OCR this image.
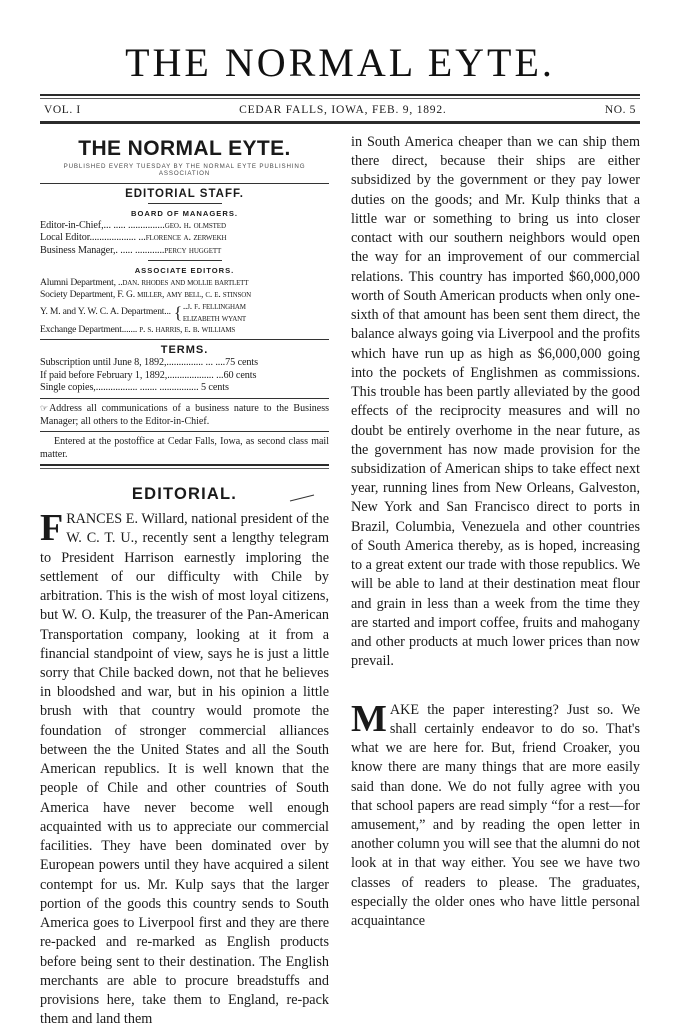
THE NORMAL EYTE.
VOL. I	CEDAR FALLS, IOWA, FEB. 9, 1892.	NO. 5
THE NORMAL EYTE.
PUBLISHED EVERY TUESDAY BY THE NORMAL EYTE PUBLISHING ASSOCIATION
EDITORIAL STAFF.
BOARD OF MANAGERS.
Editor-in-Chief,... ..... ...............geo. h. olmsted
Local Editor................... ...florence a. zerwekh
Business Manager,. ..... ............percy huggett
ASSOCIATE EDITORS.
Alumni Department, ..dan. rhodes and mollie bartlett
Society Department, F. G. miller, amy bell, c. e. stinson
Y. M. and Y. W. C. A. Department... { ..j. f. fellingham
elizabeth wyant
Exchange Department....... p. s. harris, e. b. williams
TERMS.
Subscription until June 8, 1892,............... ... ....75 cents
If paid before February 1, 1892,................... ...60 cents
Single copies,................. ....... ................ 5 cents
☞ Address all communications of a business nature to the Business Manager; all others to the Editor-in-Chief.
Entered at the postoffice at Cedar Falls, Iowa, as second class mail matter.
EDITORIAL.
FRANCES E. Willard, national president of the W. C. T. U., recently sent a lengthy telegram to President Harrison earnestly imploring the settlement of our difficulty with Chile by arbitration. This is the wish of most loyal citizens, but W. O. Kulp, the treasurer of the Pan-American Transportation company, looking at it from a financial standpoint of view, says he is just a little sorry that Chile backed down, not that he believes in bloodshed and war, but in his opinion a little brush with that country would promote the foundation of stronger commercial alliances between the the United States and all the South American republics. It is well known that the people of Chile and other countries of South America have never become well enough acquainted with us to appreciate our commercial facilities. They have been dominated over by European powers until they have acquired a silent contempt for us. Mr. Kulp says that the larger portion of the goods this country sends to South America goes to Liverpool first and they are there re-packed and re-marked as English products before being sent to their destination. The English merchants are able to procure breadstuffs and provisions here, take them to England, re-pack them and land them
in South America cheaper than we can ship them there direct, because their ships are either subsidized by the government or they pay lower duties on the goods; and Mr. Kulp thinks that a little war or something to bring us into closer contact with our southern neighbors would open the way for an improvement of our commercial relations. This country has imported $60,000,000 worth of South American products when only one-sixth of that amount has been sent them direct, the balance always going via Liverpool and the profits which have run up as high as $6,000,000 going into the pockets of Englishmen as commissions. This trouble has been partly alleviated by the good effects of the reciprocity measures and will no doubt be entirely overhome in the near future, as the government has now made provision for the subsidization of American ships to take effect next year, running lines from New Orleans, Galveston, New York and San Francisco direct to ports in Brazil, Columbia, Venezuela and other countries of South America thereby, as is hoped, increasing to a great extent our trade with those republics. We will be able to land at their destination meat flour and grain in less than a week from the time they are started and import coffee, fruits and mahogany and other products at much lower prices than now prevail.
MAKE the paper interesting? Just so. We shall certainly endeavor to do so. That's what we are here for. But, friend Croaker, you know there are many things that are more easily said than done. We do not fully agree with you that school papers are read simply “for a rest—for amusement,” and by reading the open letter in another column you will see that the alumni do not look at in that way either. You see we have two classes of readers to please. The graduates, especially the older ones who have little personal acquaintance
